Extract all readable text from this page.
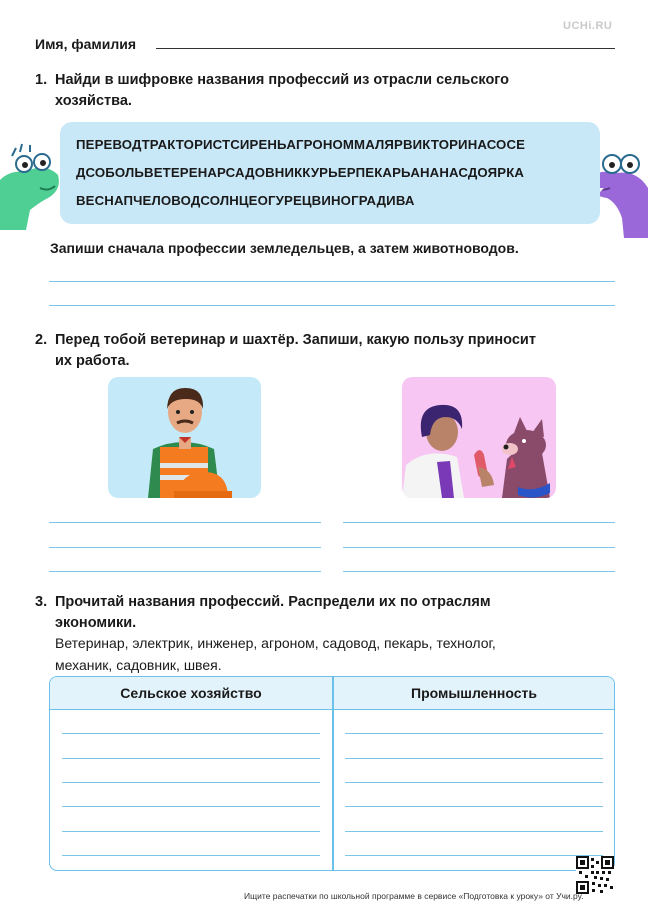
UCHi.RU
Имя, фамилия
1. Найди в шифровке названия профессий из отрасли сельского
хозяйства.
ПЕРЕВОДТРАКТОРИСТСИРЕНЬАГРОНОММАЛЯРВИКТОРИНАСОСЕ
ДСОБОЛЬВЕТЕРЕНАРСАДОВНИККУРЬЕРПЕКАРЬАНАНАСДОЯРКА
ВЕСНАПЧЕЛОВОДСОЛНЦЕОГУРЕЦВИНОГРАДИВА
Запиши сначала профессии земледельцев, а затем животноводов.
2. Перед тобой ветеринар и шахтёр. Запиши, какую пользу приносит
их работа.
3. Прочитай названия профессий. Распредели их по отраслям
экономики.
Ветеринар, электрик, инженер, агроном, садовод, пекарь, технолог,
механик, садовник, швея.
Сельское хозяйство	Промышленность
Ищите распечатки по школьной программе в сервисе «Подготовка к уроку» от Учи.ру.
